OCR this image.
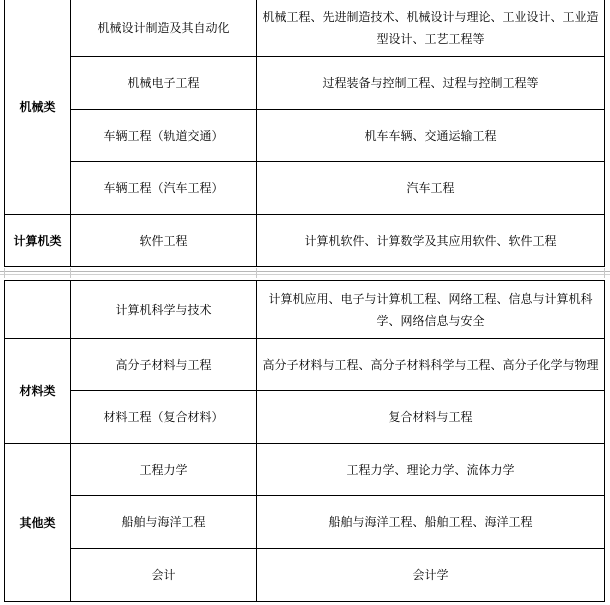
机械类	机械设计制造及其自动化	机械工程、先进制造技术、机械设计与理论、工业设计、工业造型设计、工艺工程等
	机械电子工程	过程装备与控制工程、过程与控制工程等
	车辆工程（轨道交通）	机车车辆、交通运输工程
	车辆工程（汽车工程）	汽车工程
计算机类	软件工程	计算机软件、计算数学及其应用软件、软件工程
	计算机科学与技术	计算机应用、电子与计算机工程、网络工程、信息与计算机科学、网络信息与安全
材料类	高分子材料与工程	高分子材料与工程、高分子材料科学与工程、高分子化学与物理
	材料工程（复合材料）	复合材料与工程
其他类	工程力学	工程力学、理论力学、流体力学
	船舶与海洋工程	船舶与海洋工程、船舶工程、海洋工程
	会计	会计学
